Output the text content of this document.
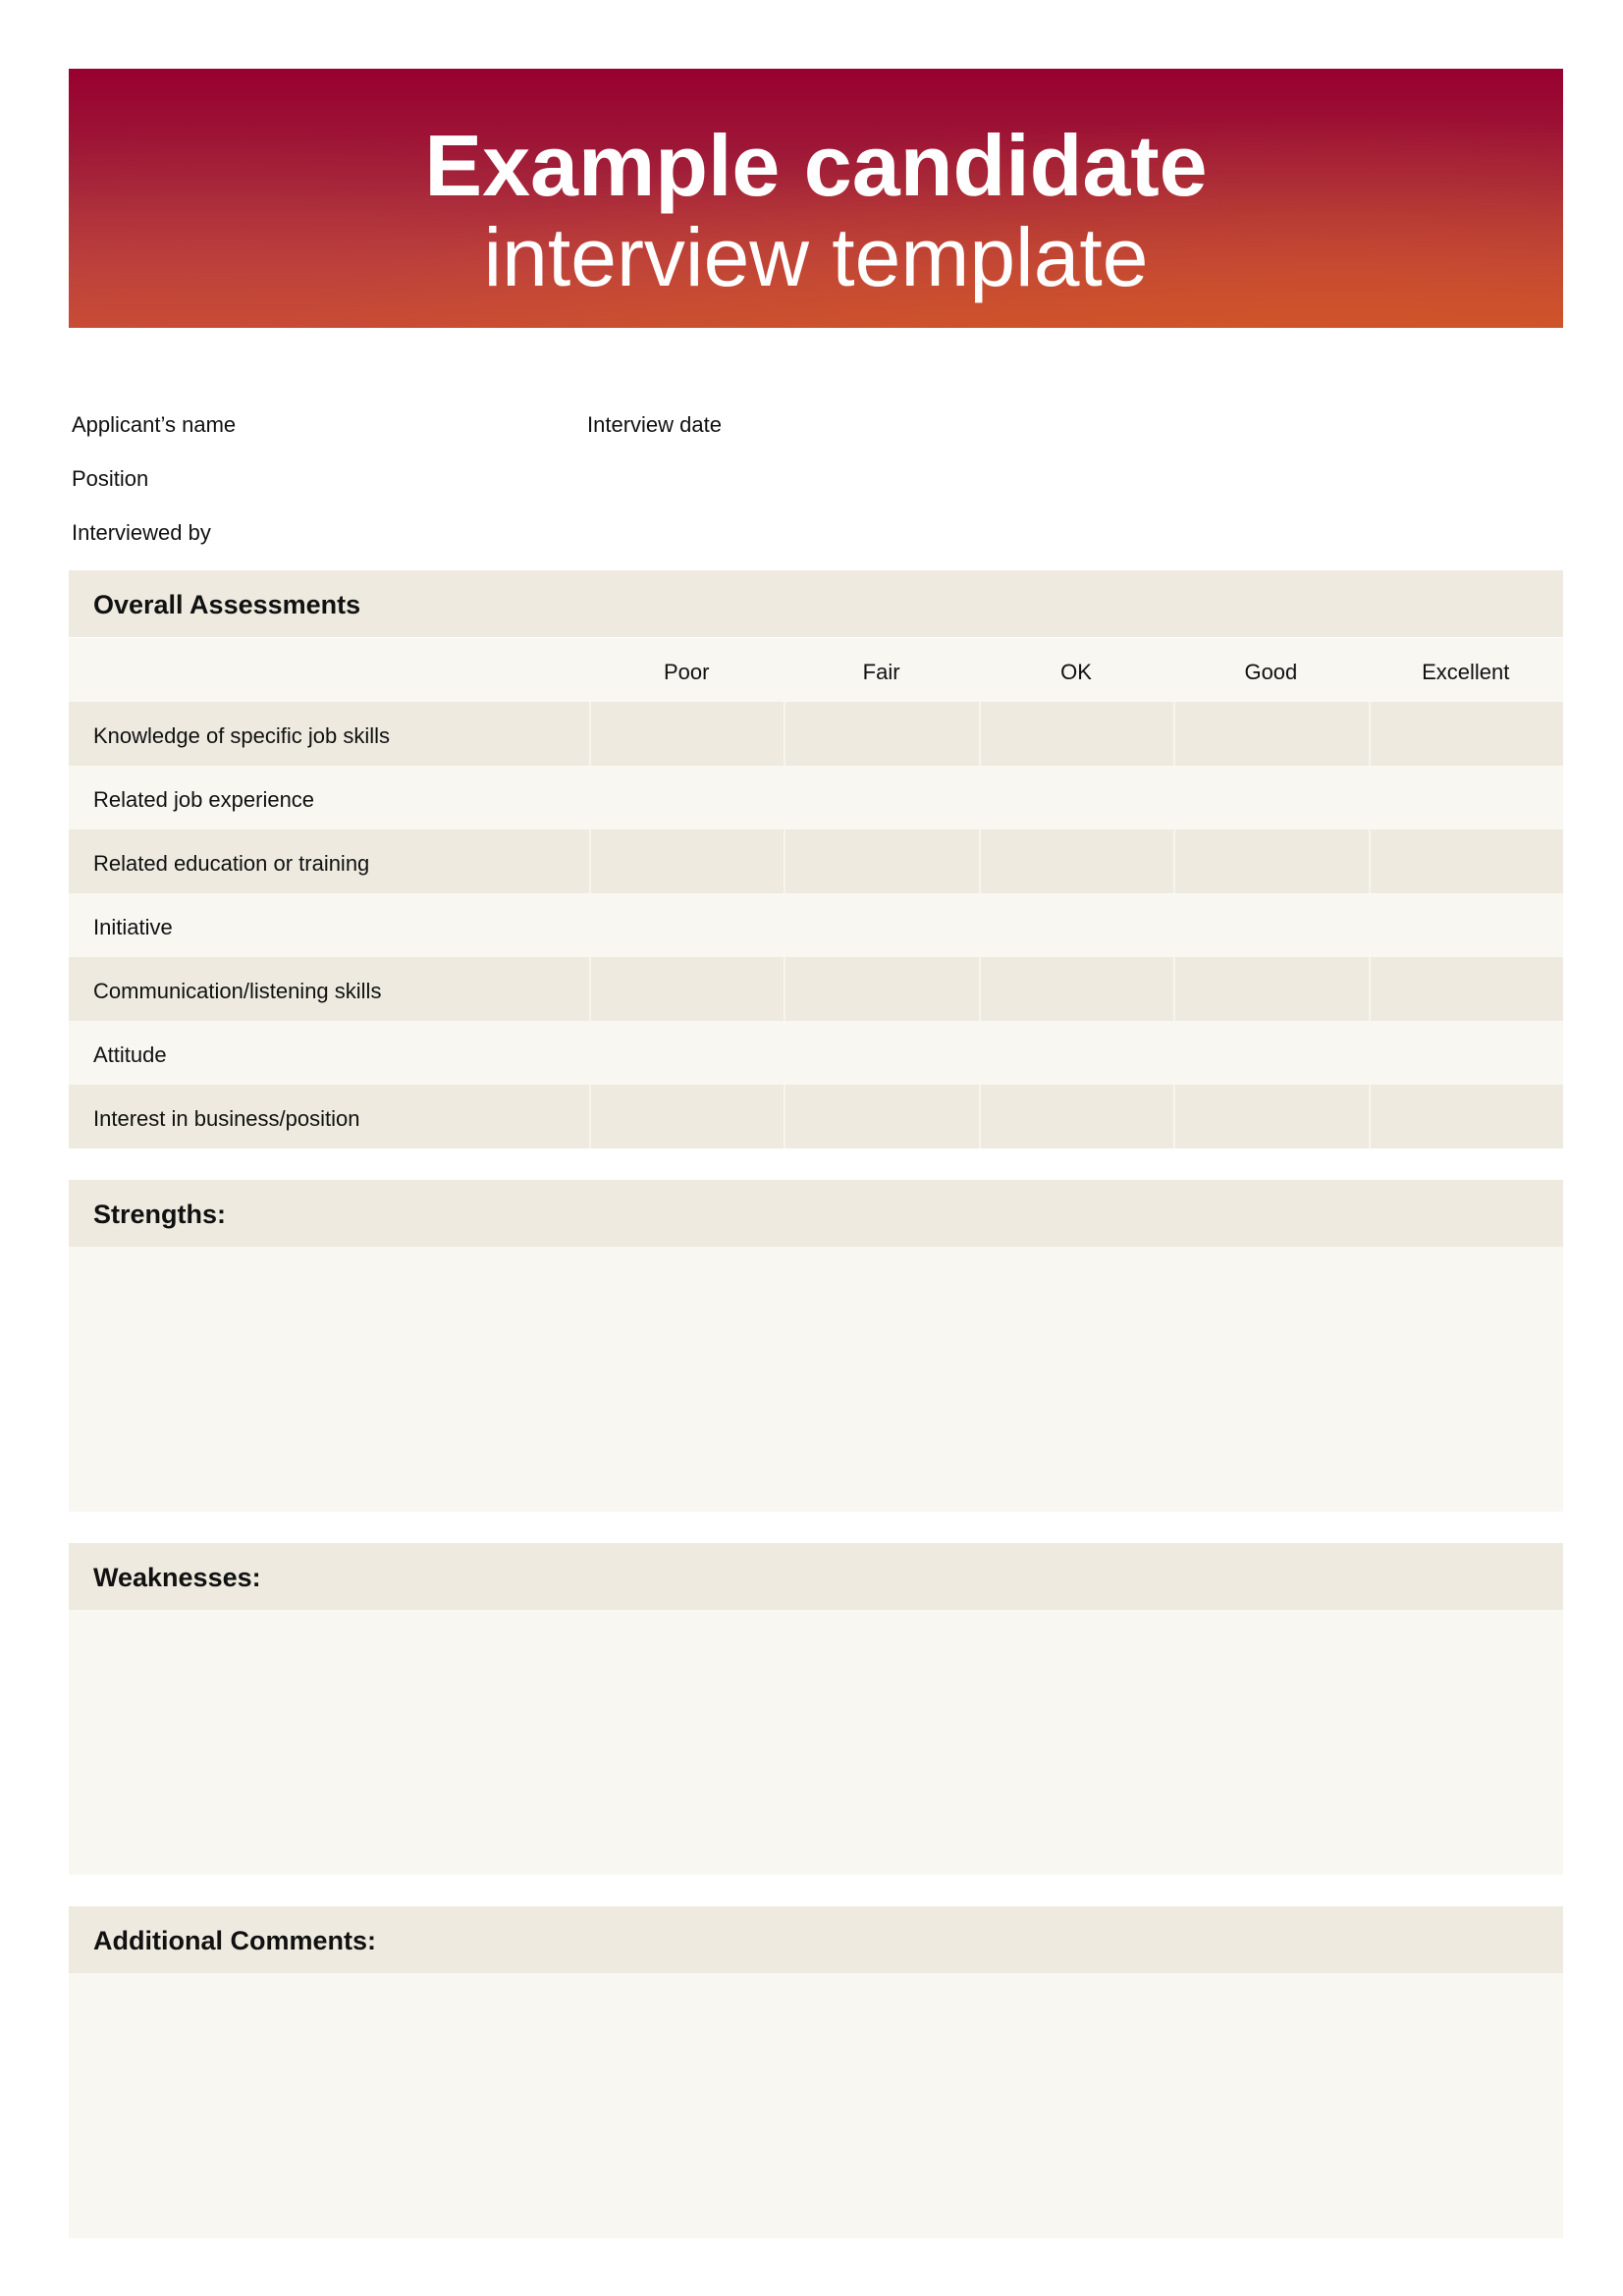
Example candidate
interview template
Applicant’s name	Interview date
Position
Interviewed by
Overall Assessments
Poor	Fair	OK	Good	Excellent
Knowledge of specific job skills
Related job experience
Related education or training
Initiative
Communication/listening skills
Attitude
Interest in business/position
Strengths:
Weaknesses:
Additional Comments:
